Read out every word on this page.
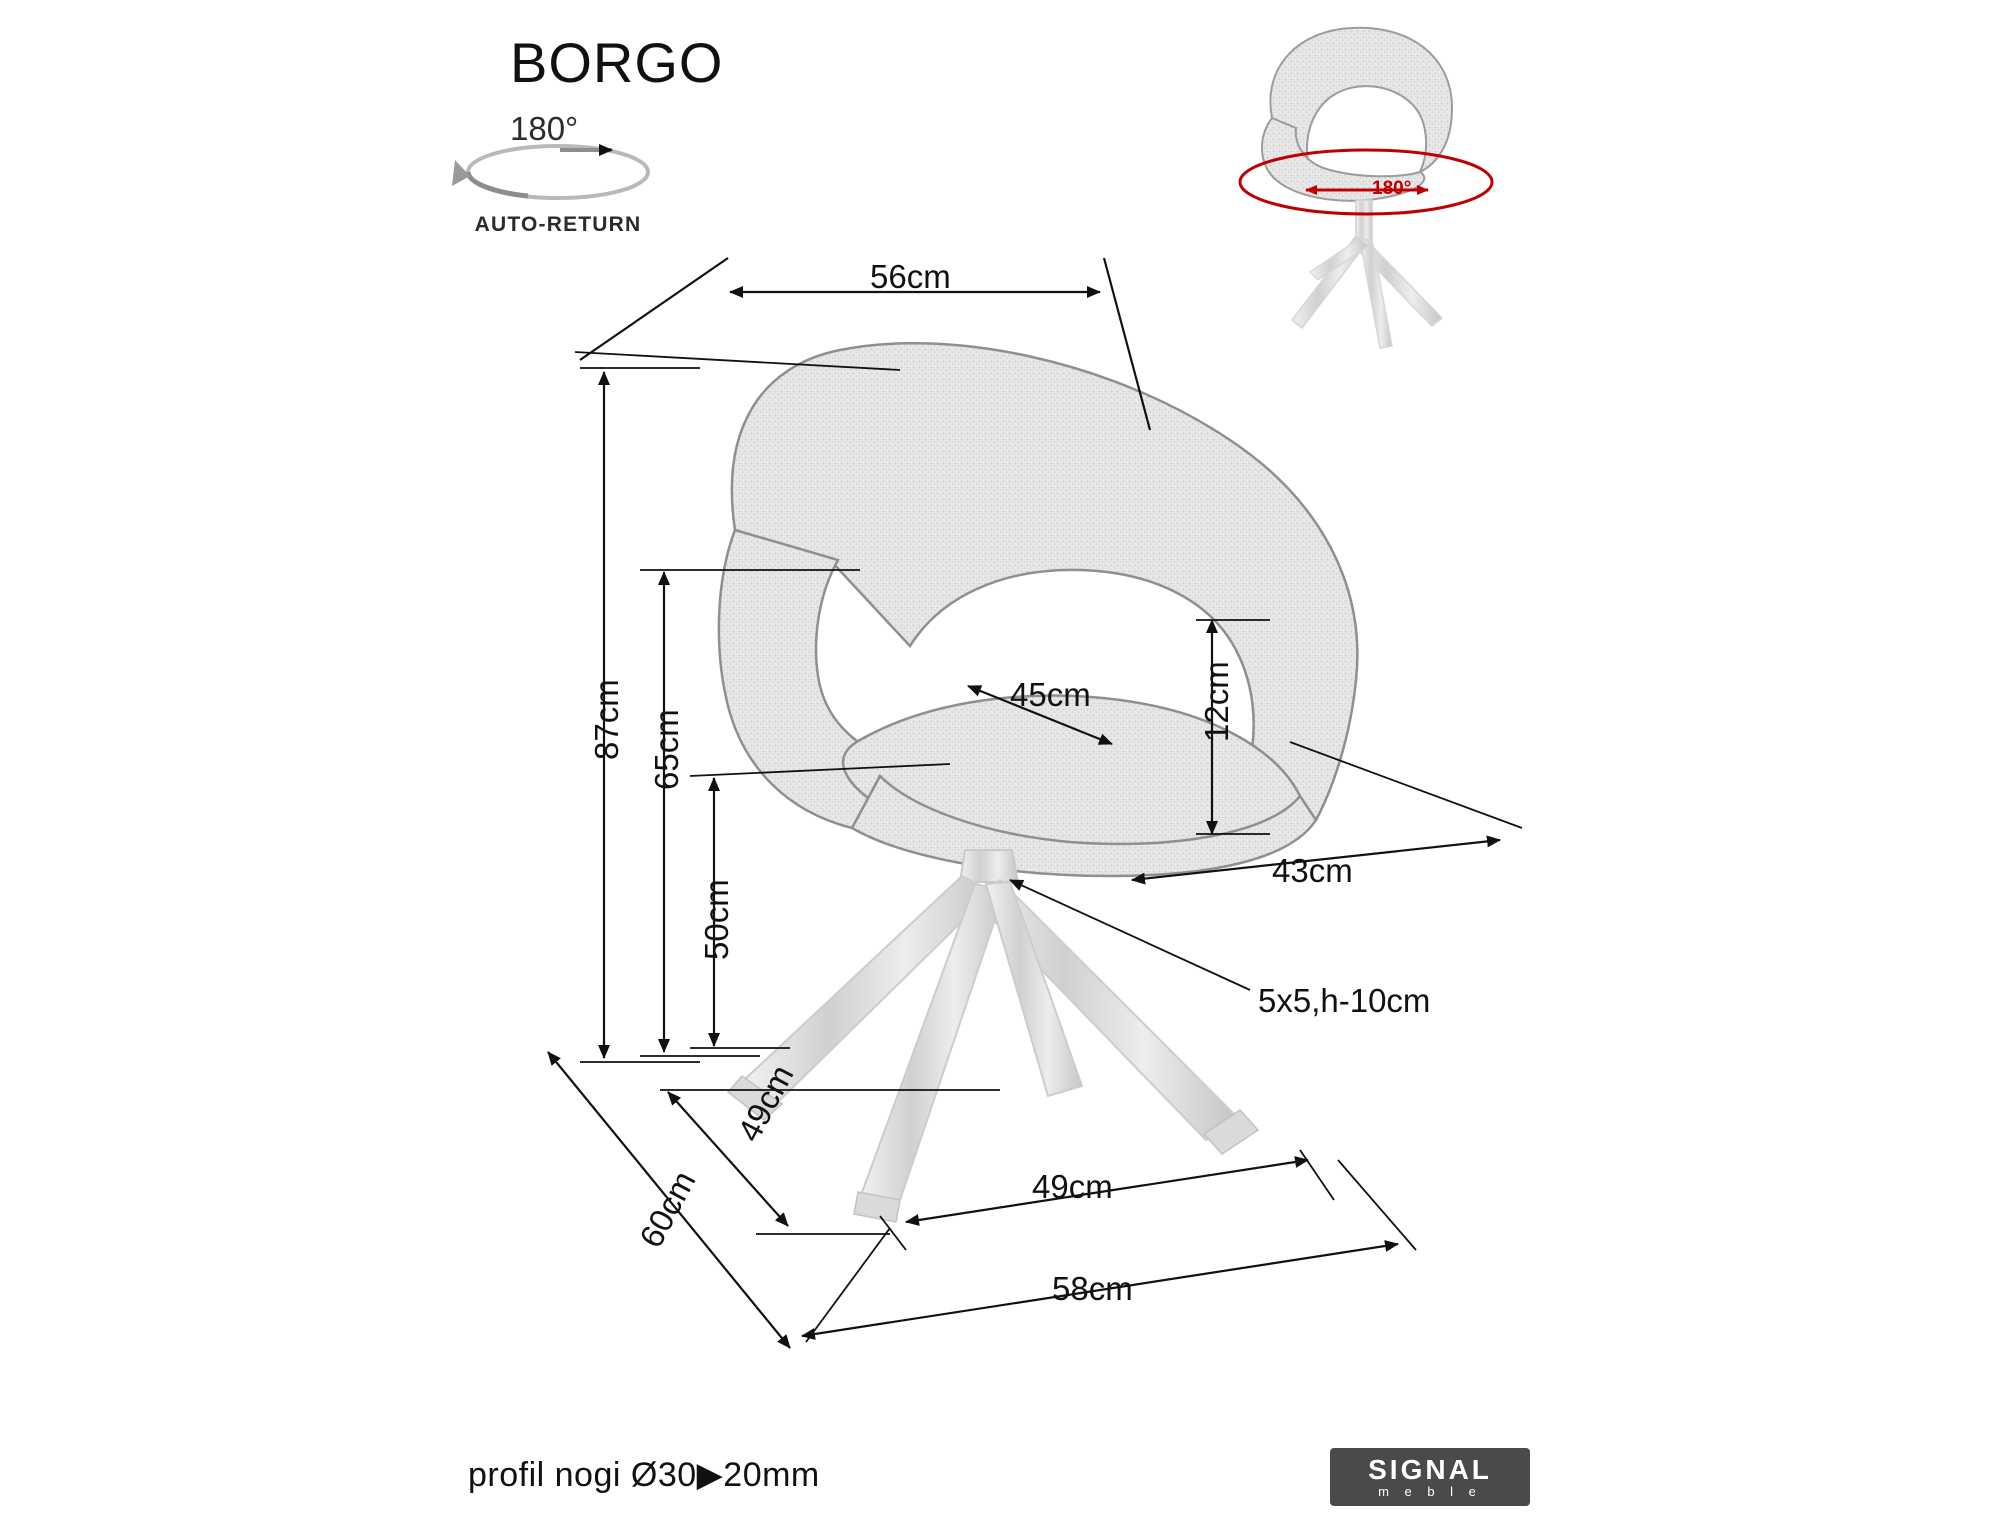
BORGO
180°
AUTO-RETURN
180°
56cm
87cm 65cm
50cm
45cm	12cm
43cm
5x5,h-10cm
60cm
49cm
49cm
58cm
profil nogi Ø30▶20mm	SIGNAL
m e b l e
